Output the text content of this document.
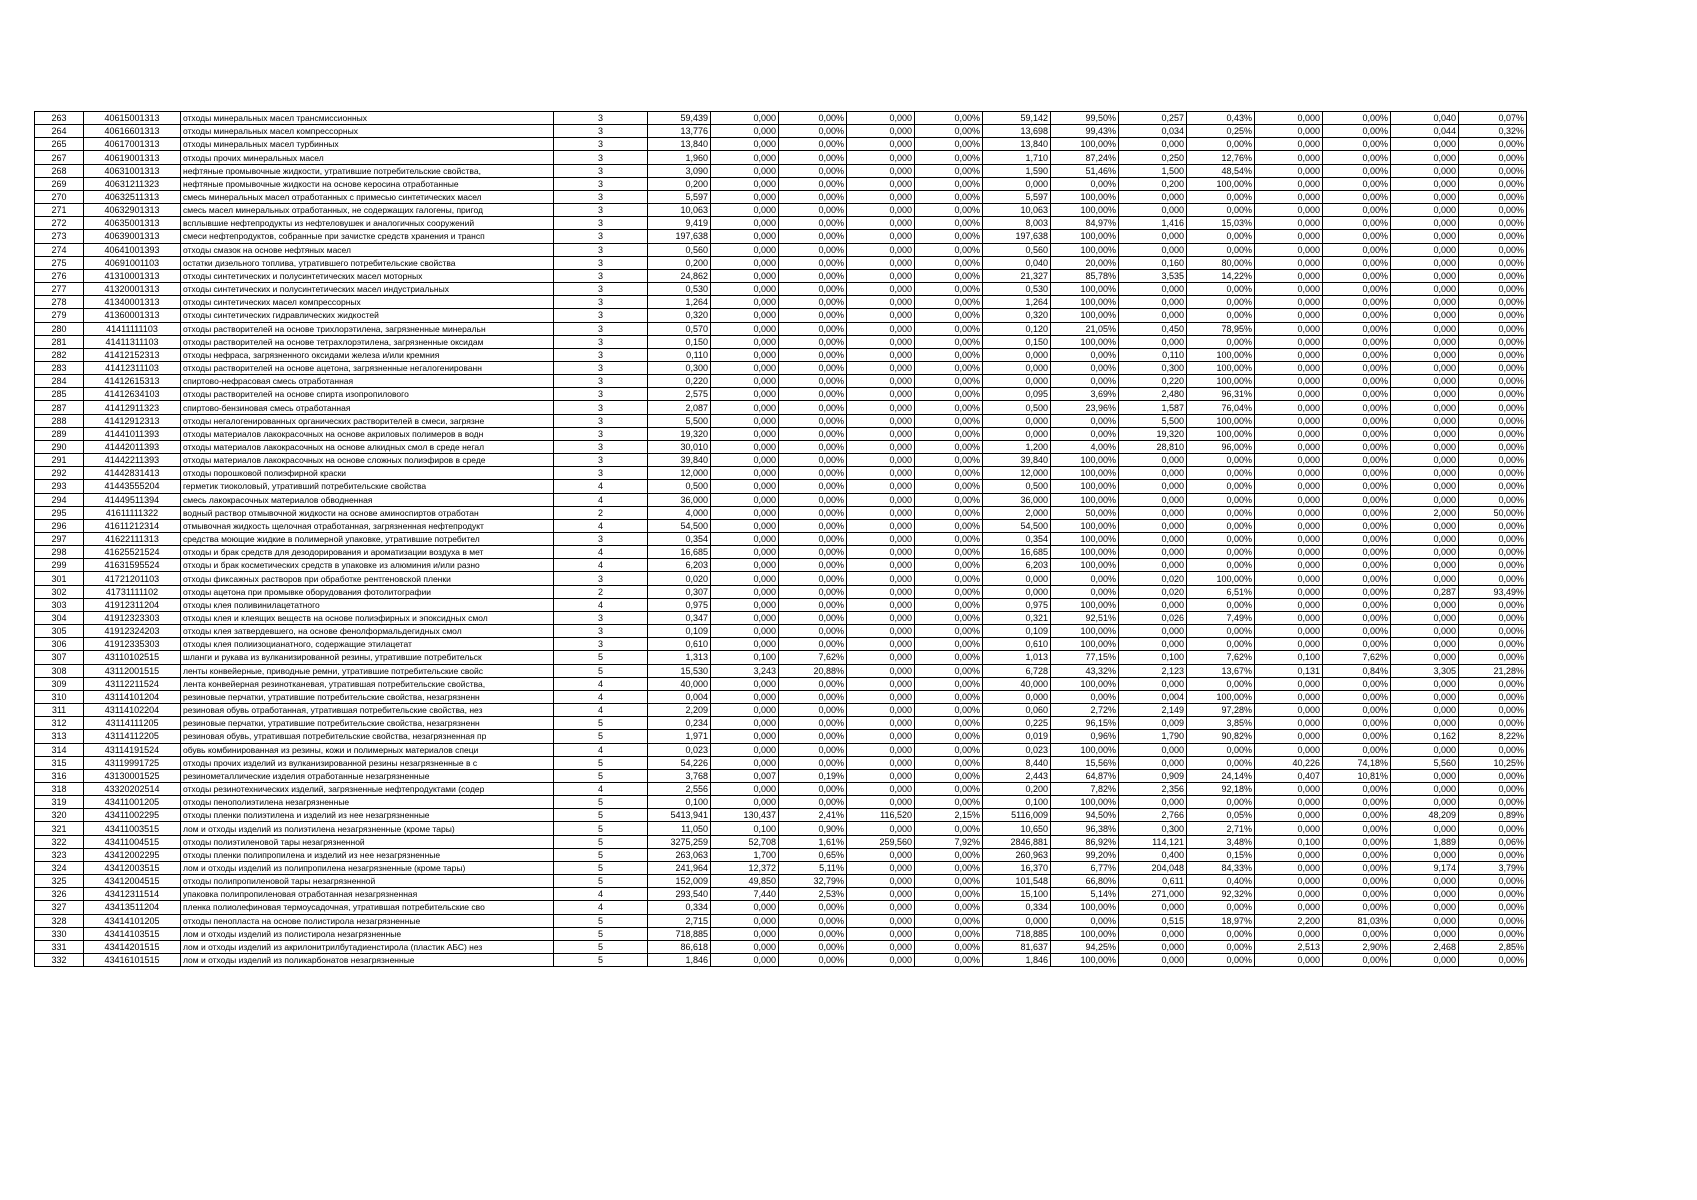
263	40615001313	отходы минеральных масел трансмиссионных	3	59,439	0,000	0,00%	0,000	0,00%	59,142	99,50%	0,257	0,43%	0,000	0,00%	0,040	0,07%
264	40616601313	отходы минеральных масел компрессорных	3	13,776	0,000	0,00%	0,000	0,00%	13,698	99,43%	0,034	0,25%	0,000	0,00%	0,044	0,32%
265	40617001313	отходы минеральных масел турбинных	3	13,840	0,000	0,00%	0,000	0,00%	13,840	100,00%	0,000	0,00%	0,000	0,00%	0,000	0,00%
267	40619001313	отходы прочих минеральных масел	3	1,960	0,000	0,00%	0,000	0,00%	1,710	87,24%	0,250	12,76%	0,000	0,00%	0,000	0,00%
268	40631001313	нефтяные промывочные жидкости, утратившие потребительские свойства,	3	3,090	0,000	0,00%	0,000	0,00%	1,590	51,46%	1,500	48,54%	0,000	0,00%	0,000	0,00%
269	40631211323	нефтяные промывочные жидкости на основе керосина отработанные	3	0,200	0,000	0,00%	0,000	0,00%	0,000	0,00%	0,200	100,00%	0,000	0,00%	0,000	0,00%
270	40632511313	смесь минеральных масел отработанных с примесью синтетических масел	3	5,597	0,000	0,00%	0,000	0,00%	5,597	100,00%	0,000	0,00%	0,000	0,00%	0,000	0,00%
271	40632901313	смесь масел минеральных отработанных, не содержащих галогены, пригод	3	10,063	0,000	0,00%	0,000	0,00%	10,063	100,00%	0,000	0,00%	0,000	0,00%	0,000	0,00%
272	40635001313	всплывшие нефтепродукты из нефтеловушек и аналогичных сооружений	3	9,419	0,000	0,00%	0,000	0,00%	8,003	84,97%	1,416	15,03%	0,000	0,00%	0,000	0,00%
273	40639001313	смеси нефтепродуктов, собранные при зачистке средств хранения и трансп	3	197,638	0,000	0,00%	0,000	0,00%	197,638	100,00%	0,000	0,00%	0,000	0,00%	0,000	0,00%
274	40641001393	отходы смазок на основе нефтяных масел	3	0,560	0,000	0,00%	0,000	0,00%	0,560	100,00%	0,000	0,00%	0,000	0,00%	0,000	0,00%
275	40691001103	остатки дизельного топлива, утратившего потребительские свойства	3	0,200	0,000	0,00%	0,000	0,00%	0,040	20,00%	0,160	80,00%	0,000	0,00%	0,000	0,00%
276	41310001313	отходы синтетических и полусинтетических масел моторных	3	24,862	0,000	0,00%	0,000	0,00%	21,327	85,78%	3,535	14,22%	0,000	0,00%	0,000	0,00%
277	41320001313	отходы синтетических и полусинтетических масел индустриальных	3	0,530	0,000	0,00%	0,000	0,00%	0,530	100,00%	0,000	0,00%	0,000	0,00%	0,000	0,00%
278	41340001313	отходы синтетических масел компрессорных	3	1,264	0,000	0,00%	0,000	0,00%	1,264	100,00%	0,000	0,00%	0,000	0,00%	0,000	0,00%
279	41360001313	отходы синтетических гидравлических жидкостей	3	0,320	0,000	0,00%	0,000	0,00%	0,320	100,00%	0,000	0,00%	0,000	0,00%	0,000	0,00%
280	41411111103	отходы растворителей на основе трихлорэтилена, загрязненные минеральн	3	0,570	0,000	0,00%	0,000	0,00%	0,120	21,05%	0,450	78,95%	0,000	0,00%	0,000	0,00%
281	41411311103	отходы растворителей на основе тетрахлорэтилена, загрязненные оксидам	3	0,150	0,000	0,00%	0,000	0,00%	0,150	100,00%	0,000	0,00%	0,000	0,00%	0,000	0,00%
282	41412152313	отходы нефраса, загрязненного оксидами железа и/или кремния	3	0,110	0,000	0,00%	0,000	0,00%	0,000	0,00%	0,110	100,00%	0,000	0,00%	0,000	0,00%
283	41412311103	отходы растворителей на основе ацетона, загрязненные негалогенированн	3	0,300	0,000	0,00%	0,000	0,00%	0,000	0,00%	0,300	100,00%	0,000	0,00%	0,000	0,00%
284	41412615313	спиртово-нефрасовая смесь отработанная	3	0,220	0,000	0,00%	0,000	0,00%	0,000	0,00%	0,220	100,00%	0,000	0,00%	0,000	0,00%
285	41412634103	отходы растворителей на основе спирта изопропилового	3	2,575	0,000	0,00%	0,000	0,00%	0,095	3,69%	2,480	96,31%	0,000	0,00%	0,000	0,00%
287	41412911323	спиртово-бензиновая смесь отработанная	3	2,087	0,000	0,00%	0,000	0,00%	0,500	23,96%	1,587	76,04%	0,000	0,00%	0,000	0,00%
288	41412912313	отходы негалогенированных органических растворителей в смеси, загрязне	3	5,500	0,000	0,00%	0,000	0,00%	0,000	0,00%	5,500	100,00%	0,000	0,00%	0,000	0,00%
289	41441011393	отходы материалов лакокрасочных на основе акриловых полимеров в водн	3	19,320	0,000	0,00%	0,000	0,00%	0,000	0,00%	19,320	100,00%	0,000	0,00%	0,000	0,00%
290	41442011393	отходы материалов лакокрасочных на основе алкидных смол в среде негал	3	30,010	0,000	0,00%	0,000	0,00%	1,200	4,00%	28,810	96,00%	0,000	0,00%	0,000	0,00%
291	41442211393	отходы материалов лакокрасочных на основе сложных полиэфиров в среде	3	39,840	0,000	0,00%	0,000	0,00%	39,840	100,00%	0,000	0,00%	0,000	0,00%	0,000	0,00%
292	41442831413	отходы порошковой полиэфирной краски	3	12,000	0,000	0,00%	0,000	0,00%	12,000	100,00%	0,000	0,00%	0,000	0,00%	0,000	0,00%
293	41443555204	герметик тиоколовый, утративший потребительские свойства	4	0,500	0,000	0,00%	0,000	0,00%	0,500	100,00%	0,000	0,00%	0,000	0,00%	0,000	0,00%
294	41449511394	смесь лакокрасочных материалов обводненная	4	36,000	0,000	0,00%	0,000	0,00%	36,000	100,00%	0,000	0,00%	0,000	0,00%	0,000	0,00%
295	41611111322	водный раствор отмывочной жидкости на основе аминоспиртов отработан	2	4,000	0,000	0,00%	0,000	0,00%	2,000	50,00%	0,000	0,00%	0,000	0,00%	2,000	50,00%
296	41611212314	отмывочная жидкость щелочная отработанная, загрязненная нефтепродукт	4	54,500	0,000	0,00%	0,000	0,00%	54,500	100,00%	0,000	0,00%	0,000	0,00%	0,000	0,00%
297	41622111313	средства моющие жидкие в полимерной упаковке, утратившие потребител	3	0,354	0,000	0,00%	0,000	0,00%	0,354	100,00%	0,000	0,00%	0,000	0,00%	0,000	0,00%
298	41625521524	отходы и брак средств для дезодорирования и ароматизации воздуха в мет	4	16,685	0,000	0,00%	0,000	0,00%	16,685	100,00%	0,000	0,00%	0,000	0,00%	0,000	0,00%
299	41631595524	отходы и брак косметических средств в упаковке из алюминия и/или разно	4	6,203	0,000	0,00%	0,000	0,00%	6,203	100,00%	0,000	0,00%	0,000	0,00%	0,000	0,00%
301	41721201103	отходы фиксажных растворов при обработке рентгеновской пленки	3	0,020	0,000	0,00%	0,000	0,00%	0,000	0,00%	0,020	100,00%	0,000	0,00%	0,000	0,00%
302	41731111102	отходы ацетона при промывке оборудования фотолитографии	2	0,307	0,000	0,00%	0,000	0,00%	0,000	0,00%	0,020	6,51%	0,000	0,00%	0,287	93,49%
303	41912311204	отходы клея поливинилацетатного	4	0,975	0,000	0,00%	0,000	0,00%	0,975	100,00%	0,000	0,00%	0,000	0,00%	0,000	0,00%
304	41912323303	отходы клея и клеящих веществ на основе полиэфирных и эпоксидных смол	3	0,347	0,000	0,00%	0,000	0,00%	0,321	92,51%	0,026	7,49%	0,000	0,00%	0,000	0,00%
305	41912324203	отходы клея затвердевшего, на основе фенолформальдегидных смол	3	0,109	0,000	0,00%	0,000	0,00%	0,109	100,00%	0,000	0,00%	0,000	0,00%	0,000	0,00%
306	41912335303	отходы клея полиизоцианатного, содержащие этилацетат	3	0,610	0,000	0,00%	0,000	0,00%	0,610	100,00%	0,000	0,00%	0,000	0,00%	0,000	0,00%
307	43110102515	шланги и рукава из вулканизированной резины, утратившие потребительск	5	1,313	0,100	7,62%	0,000	0,00%	1,013	77,15%	0,100	7,62%	0,100	7,62%	0,000	0,00%
308	43112001515	ленты конвейерные, приводные ремни, утратившие потребительские свойс	5	15,530	3,243	20,88%	0,000	0,00%	6,728	43,32%	2,123	13,67%	0,131	0,84%	3,305	21,28%
309	43112211524	лента конвейерная резинотканевая, утратившая потребительские свойства,	4	40,000	0,000	0,00%	0,000	0,00%	40,000	100,00%	0,000	0,00%	0,000	0,00%	0,000	0,00%
310	43114101204	резиновые перчатки, утратившие потребительские свойства, незагрязненн	4	0,004	0,000	0,00%	0,000	0,00%	0,000	0,00%	0,004	100,00%	0,000	0,00%	0,000	0,00%
311	43114102204	резиновая обувь отработанная, утратившая потребительские свойства, нез	4	2,209	0,000	0,00%	0,000	0,00%	0,060	2,72%	2,149	97,28%	0,000	0,00%	0,000	0,00%
312	43114111205	резиновые перчатки, утратившие потребительские свойства, незагрязненн	5	0,234	0,000	0,00%	0,000	0,00%	0,225	96,15%	0,009	3,85%	0,000	0,00%	0,000	0,00%
313	43114112205	резиновая обувь, утратившая потребительские свойства, незагрязненная пр	5	1,971	0,000	0,00%	0,000	0,00%	0,019	0,96%	1,790	90,82%	0,000	0,00%	0,162	8,22%
314	43114191524	обувь комбинированная из резины, кожи и полимерных материалов специ	4	0,023	0,000	0,00%	0,000	0,00%	0,023	100,00%	0,000	0,00%	0,000	0,00%	0,000	0,00%
315	43119991725	отходы прочих изделий из вулканизированной резины незагрязненные в с	5	54,226	0,000	0,00%	0,000	0,00%	8,440	15,56%	0,000	0,00%	40,226	74,18%	5,560	10,25%
316	43130001525	резинометаллические изделия отработанные незагрязненные	5	3,768	0,007	0,19%	0,000	0,00%	2,443	64,87%	0,909	24,14%	0,407	10,81%	0,000	0,00%
318	43320202514	отходы резинотехнических изделий, загрязненные нефтепродуктами (содер	4	2,556	0,000	0,00%	0,000	0,00%	0,200	7,82%	2,356	92,18%	0,000	0,00%	0,000	0,00%
319	43411001205	отходы пенополиэтилена незагрязненные	5	0,100	0,000	0,00%	0,000	0,00%	0,100	100,00%	0,000	0,00%	0,000	0,00%	0,000	0,00%
320	43411002295	отходы пленки полиэтилена и изделий из нее незагрязненные	5	5413,941	130,437	2,41%	116,520	2,15%	5116,009	94,50%	2,766	0,05%	0,000	0,00%	48,209	0,89%
321	43411003515	лом и отходы изделий из полиэтилена незагрязненные (кроме тары)	5	11,050	0,100	0,90%	0,000	0,00%	10,650	96,38%	0,300	2,71%	0,000	0,00%	0,000	0,00%
322	43411004515	отходы полиэтиленовой тары незагрязненной	5	3275,259	52,708	1,61%	259,560	7,92%	2846,881	86,92%	114,121	3,48%	0,100	0,00%	1,889	0,06%
323	43412002295	отходы пленки полипропилена и изделий из нее незагрязненные	5	263,063	1,700	0,65%	0,000	0,00%	260,963	99,20%	0,400	0,15%	0,000	0,00%	0,000	0,00%
324	43412003515	лом и отходы изделий из полипропилена незагрязненные (кроме тары)	5	241,964	12,372	5,11%	0,000	0,00%	16,370	6,77%	204,048	84,33%	0,000	0,00%	9,174	3,79%
325	43412004515	отходы полипропиленовой тары незагрязненной	5	152,009	49,850	32,79%	0,000	0,00%	101,548	66,80%	0,611	0,40%	0,000	0,00%	0,000	0,00%
326	43412311514	упаковка полипропиленовая отработанная незагрязненная	4	293,540	7,440	2,53%	0,000	0,00%	15,100	5,14%	271,000	92,32%	0,000	0,00%	0,000	0,00%
327	43413511204	пленка полиолефиновая термоусадочная, утратившая потребительские сво	4	0,334	0,000	0,00%	0,000	0,00%	0,334	100,00%	0,000	0,00%	0,000	0,00%	0,000	0,00%
328	43414101205	отходы пенопласта на основе полистирола незагрязненные	5	2,715	0,000	0,00%	0,000	0,00%	0,000	0,00%	0,515	18,97%	2,200	81,03%	0,000	0,00%
330	43414103515	лом и отходы изделий из полистирола незагрязненные	5	718,885	0,000	0,00%	0,000	0,00%	718,885	100,00%	0,000	0,00%	0,000	0,00%	0,000	0,00%
331	43414201515	лом и отходы изделий из акрилонитрилбутадиенстирола (пластик АБС) нез	5	86,618	0,000	0,00%	0,000	0,00%	81,637	94,25%	0,000	0,00%	2,513	2,90%	2,468	2,85%
332	43416101515	лом и отходы изделий из поликарбонатов незагрязненные	5	1,846	0,000	0,00%	0,000	0,00%	1,846	100,00%	0,000	0,00%	0,000	0,00%	0,000	0,00%
